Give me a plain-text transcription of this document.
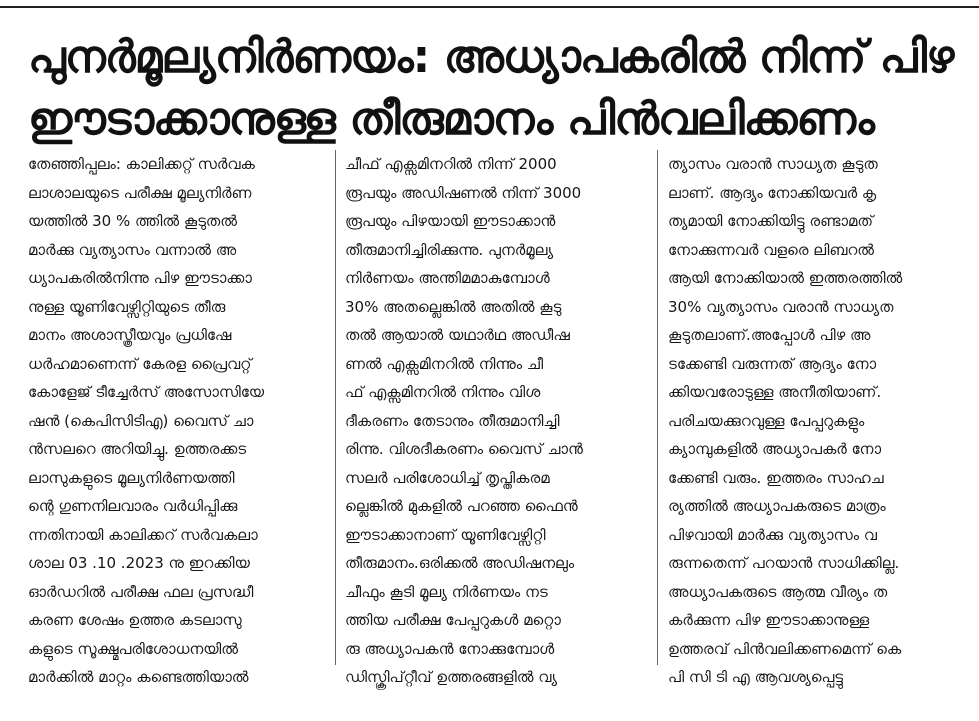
പുനർമൂല്യനിർണയം: അധ്യാപകരിൽ നിന്ന് പിഴ
ഈടാക്കാനുള്ള തീരുമാനം പിൻവലിക്കണം
തേഞ്ഞിപ്പലം: കാലിക്കറ്റ് സർവക
ലാശാലയുടെ പരീക്ഷ മൂല്യനിർണ
യത്തിൽ 30 % ത്തിൽ കൂടുതൽ
മാർക്കു വ്യത്യാസം വന്നാൽ അ
ധ്യാപകരിൽനിന്നു പിഴ ഈടാക്കാ
നുള്ള യൂണിവേഴ്സിറ്റിയുടെ തീരു
മാനം അശാസ്ത്രീയവും പ്രധിഷേ
ധർഹമാണെന്ന് കേരള പ്രൈവറ്റ്
കോളേജ് ടീച്ചേർസ് അസോസിയേ
ഷൻ (കെപിസിടിഎ) വൈസ് ചാ
ൻസലറെ അറിയിച്ചു. ഉത്തരക്കട
ലാസുകളുടെ മൂല്യനിർണയത്തി
ന്റെ ഗുണനിലവാരം വർധിപ്പിക്കു
ന്നതിനായി കാലിക്കറ് സർവകലാ
ശാല 03 .10 .2023 നു ഇറക്കിയ
ഓർഡറിൽ പരീക്ഷ ഫല പ്രസദ്ധീ
കരണ ശേഷം ഉത്തര കടലാസു
കളുടെ സൂക്ഷ്മപരിശോധനയിൽ
മാർക്കിൽ മാറ്റം കണ്ടെത്തിയാൽ
ചീഫ് എക്സമിനറിൽ നിന്ന് 2000
രൂപയും അഡിഷണൽ നിന്ന് 3000
രൂപയും പിഴയായി ഈടാക്കാൻ
തീരുമാനിച്ചിരിക്കുന്നു. പുനർമൂല്യ
നിർണയം അന്തിമമാകുമ്പോൾ
30% അതല്ലെങ്കിൽ അതിൽ കൂടു
തൽ ആയാൽ യഥാർഥ അഡീഷ
ണൽ എക്സമിനറിൽ നിന്നും ചീ
ഫ് എക്സമിനറിൽ നിന്നും വിശ
ദീകരണം തേടാനും തീരുമാനിച്ചി
രിന്നു. വിശദീകരണം വൈസ് ചാൻ
സലർ പരിശോധിച്ച് തൃപ്തികരമ
ല്ലെങ്കിൽ മുകളിൽ പറഞ്ഞ ഫൈൻ
ഈടാക്കാനാണ് യൂണിവേഴ്സിറ്റി
തീരുമാനം.ഒരിക്കൽ അഡിഷനലും
ചീഫും കൂടി മൂല്യ നിർണയം നട
ത്തിയ പരീക്ഷ പേപ്പറുകൾ മറ്റൊ
രു അധ്യാപകൻ നോക്കുമ്പോൾ
ഡിസ്ക്രിപ്റ്റീവ് ഉത്തരങ്ങളിൽ വ്യ
ത്യാസം വരാൻ സാധ്യത കൂടുത
ലാണ്. ആദ്യം നോക്കിയവർ കൃ
ത്യമായി നോക്കിയിട്ടു രണ്ടാമത്
നോക്കുന്നവർ വളരെ ലിബറൽ
ആയി നോക്കിയാൽ ഇത്തരത്തിൽ
30% വ്യത്യാസം വരാൻ സാധ്യത
കൂടുതലാണ്.അപ്പോൾ പിഴ അ
ടക്കേണ്ടി വരുന്നത് ആദ്യം നോ
ക്കിയവരോടുള്ള അനീതിയാണ്.
പരിചയക്കുറവുള്ള പേപ്പറുകളും
ക്യാമ്പുകളിൽ അധ്യാപകർ നോ
ക്കേണ്ടി വരും. ഇത്തരം സാഹച
ര്യത്തിൽ അധ്യാപകരുടെ മാത്രം
പിഴവായി മാർക്കു വ്യത്യാസം വ
രുന്നതെന്ന് പറയാൻ സാധിക്കില്ല.
അധ്യാപകരുടെ ആത്മ വീര്യം ത
കർക്കുന്ന പിഴ ഈടാക്കാനുള്ള
ഉത്തരവ് പിൻവലിക്കണമെന്ന് കെ
പി സി ടി എ ആവശ്യപ്പെട്ടു
